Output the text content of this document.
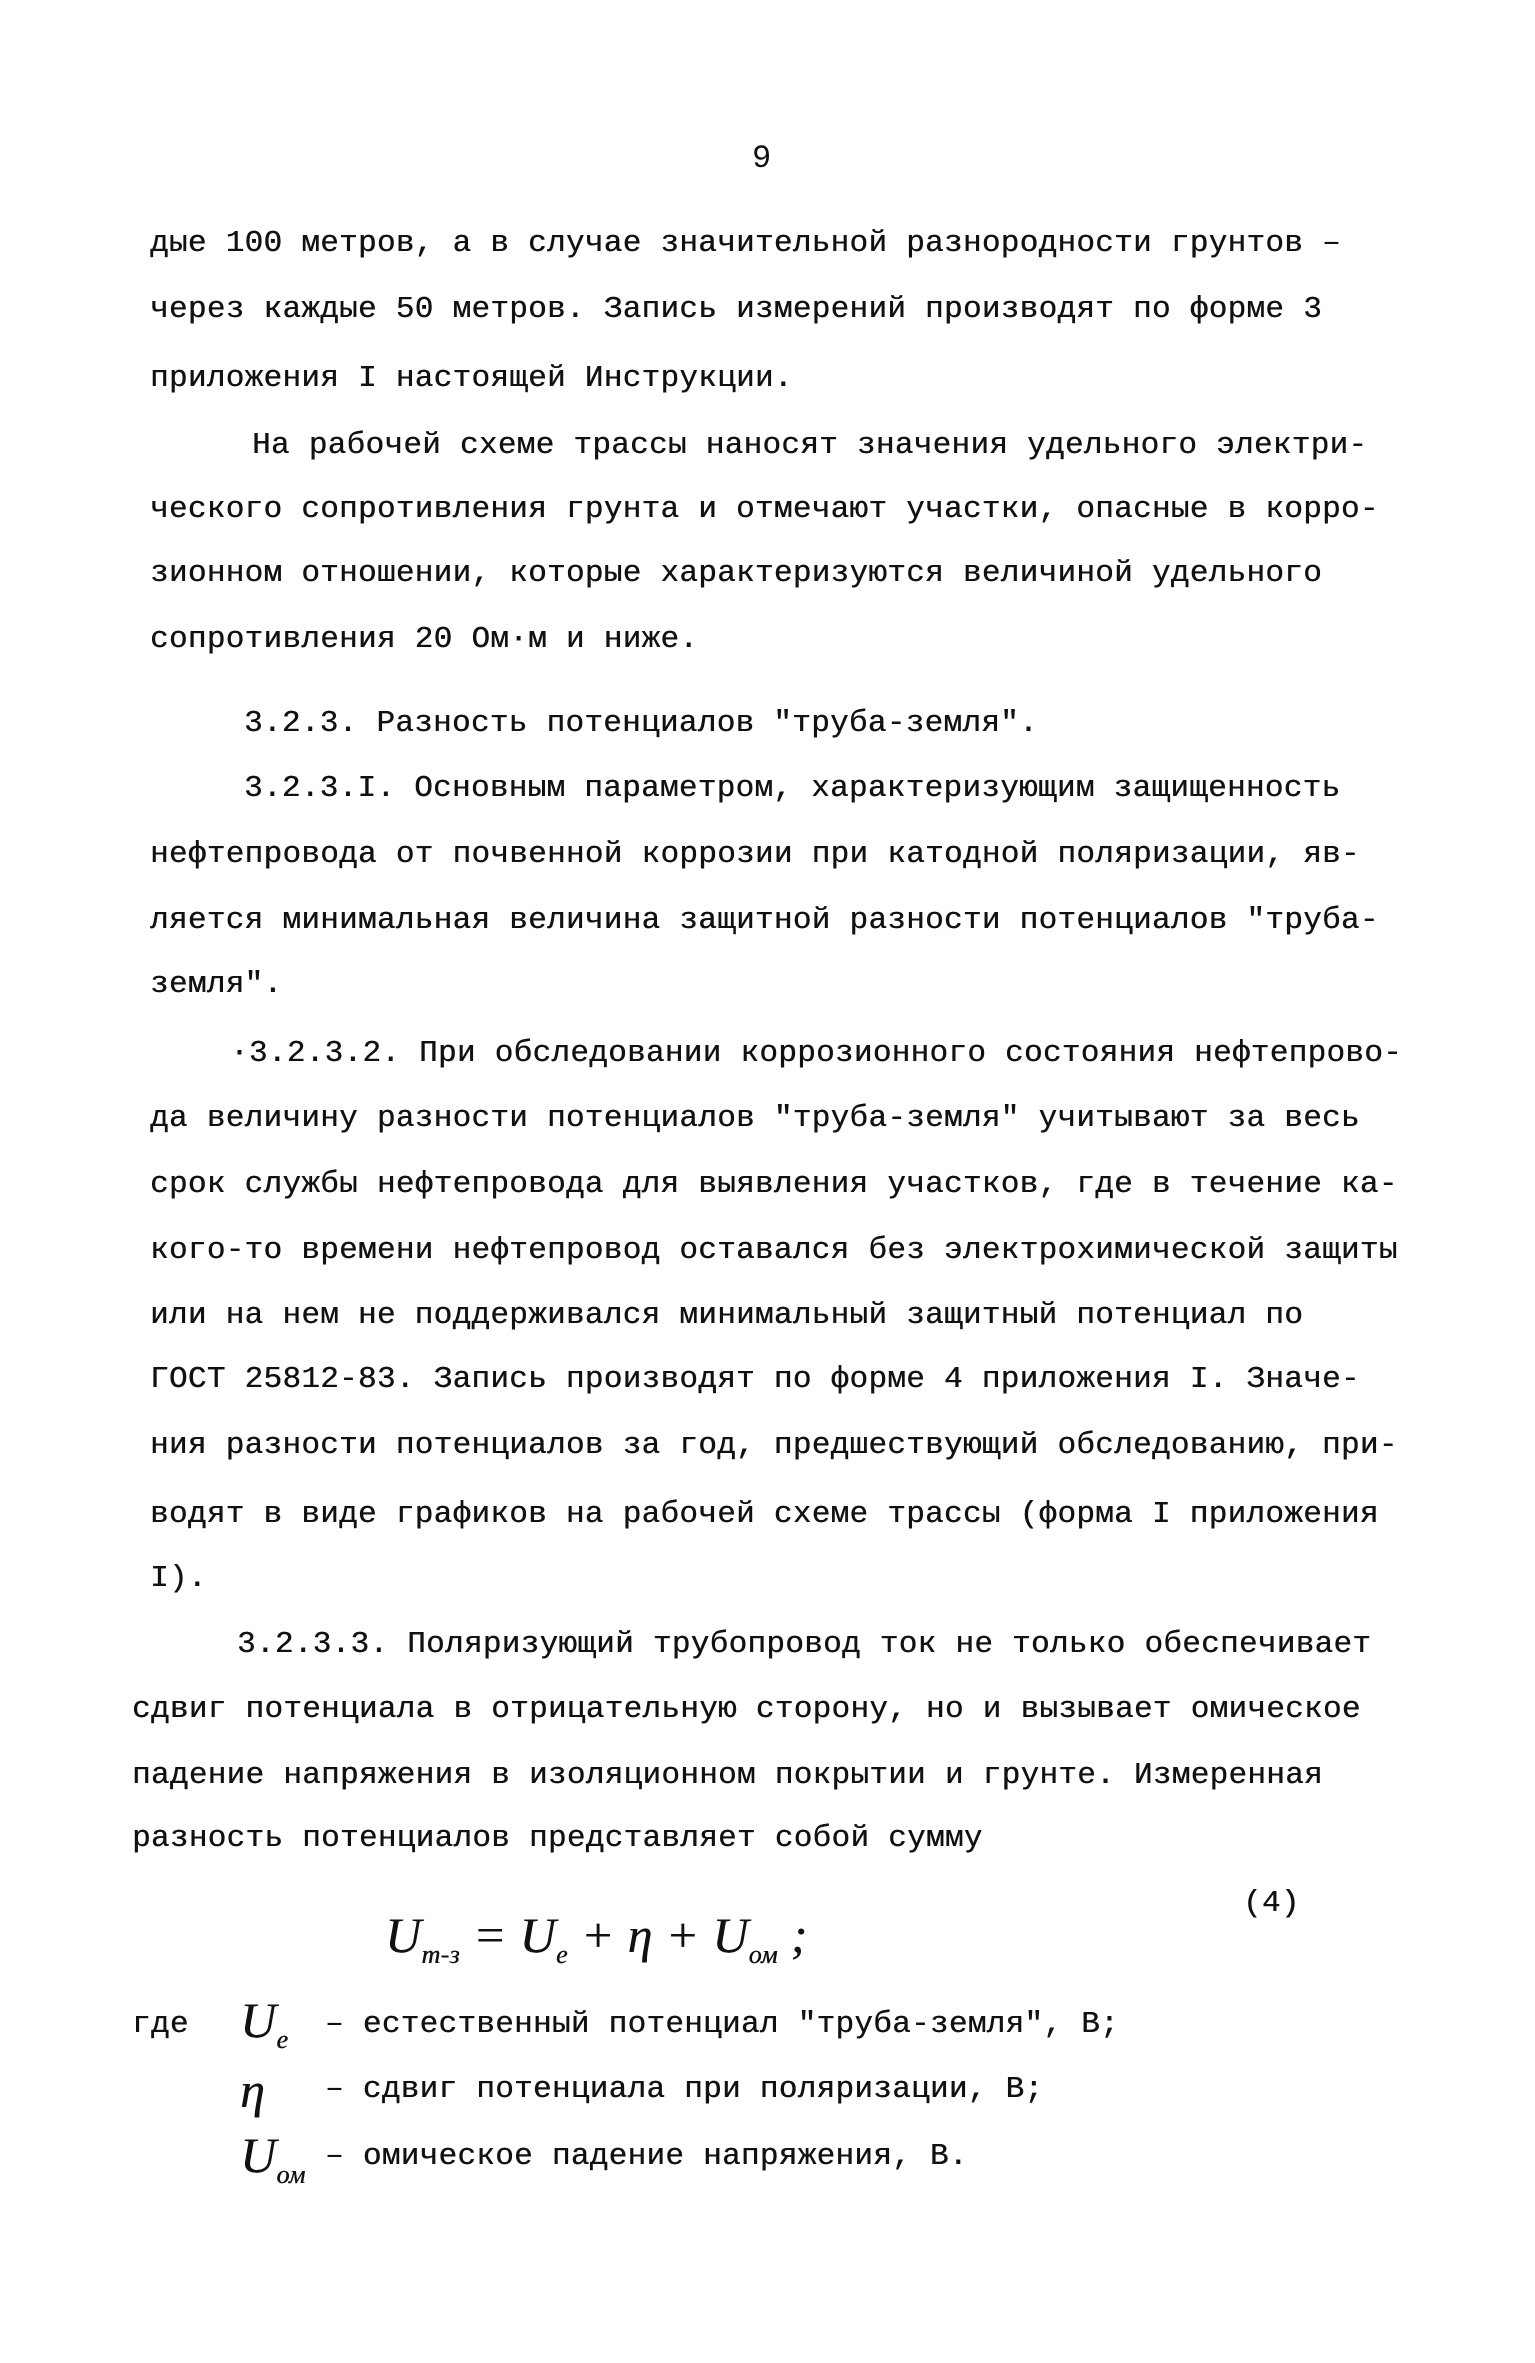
9
дые 100 метров, а в случае значительной разнородности грунтов –
через каждые 50 метров. Запись измерений производят по форме 3
приложения I настоящей Инструкции.
На рабочей схеме трассы наносят значения удельного электри-
ческого сопротивления грунта и отмечают участки, опасные в корро-
зионном отношении, которые характеризуются величиной удельного
сопротивления 20 Ом·м и ниже.
3.2.3. Разность потенциалов "труба-земля".
3.2.3.I. Основным параметром, характеризующим защищенность
нефтепровода от почвенной коррозии при катодной поляризации, яв-
ляется минимальная величина защитной разности потенциалов "труба-
земля".
·3.2.3.2. При обследовании коррозионного состояния нефтепрово-
да величину разности потенциалов "труба-земля" учитывают за весь
срок службы нефтепровода для выявления участков, где в течение ка-
кого-то времени нефтепровод оставался без электрохимической защиты
или на нем не поддерживался минимальный защитный потенциал по
ГОСТ 25812-83. Запись производят по форме 4 приложения I. Значе-
ния разности потенциалов за год, предшествующий обследованию, при-
водят в виде графиков на рабочей схеме трассы (форма I приложения
I).
3.2.3.3. Поляризующий трубопровод ток не только обеспечивает
сдвиг потенциала в отрицательную сторону, но и вызывает омическое
падение напряжения в изоляционном покрытии и грунте. Измеренная
разность потенциалов представляет собой сумму
$U_{т-з} = U_e + \eta + U_{ом}$ ;
(4)
где $U_e$ – естественный потенциал "труба-земля", В;
η – сдвиг потенциала при поляризации, В;
$U_{ом}$
– омическое падение напряжения, В.
